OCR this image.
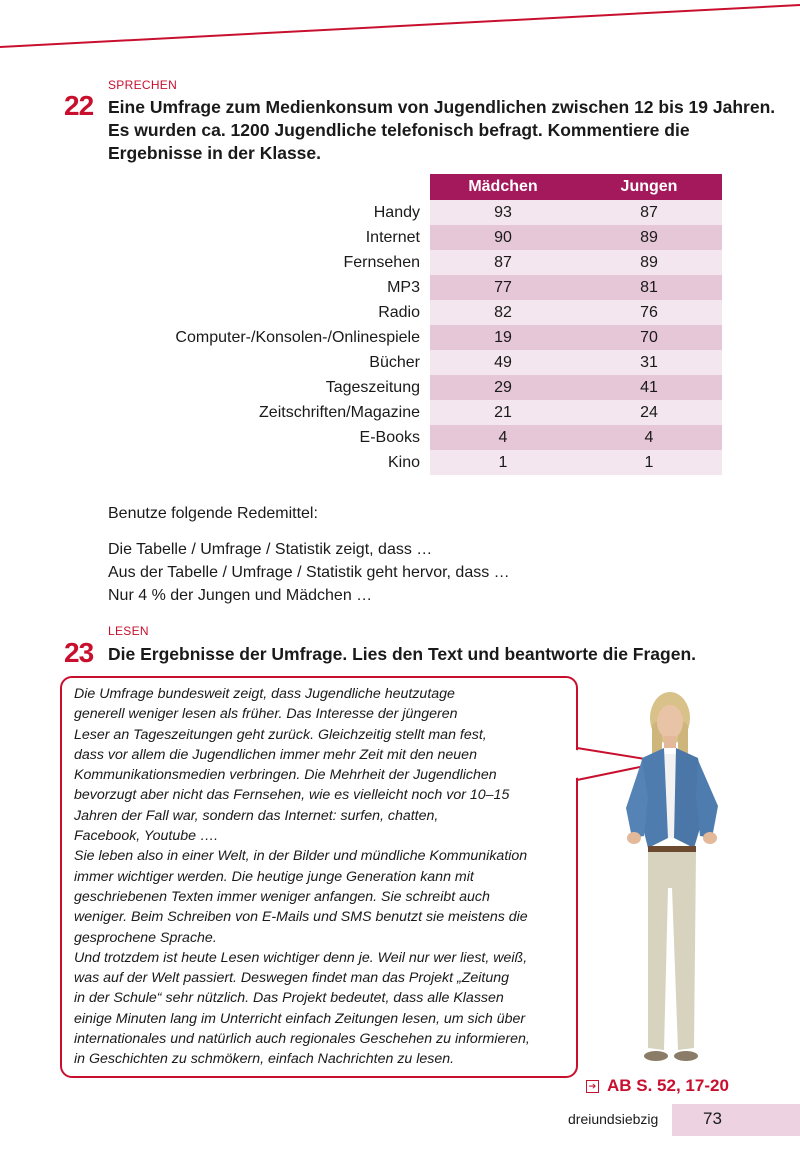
SPRECHEN
22 Eine Umfrage zum Medienkonsum von Jugendlichen zwischen 12 bis 19 Jahren.
Es wurden ca. 1200 Jugendliche telefonisch befragt. Kommentiere die
Ergebnisse in der Klasse.
Mädchen	Jungen
Handy	93	87
Internet	90	89
Fernsehen	87	89
MP3	77	81
Radio	82	76
Computer-/Konsolen-/Onlinespiele	19	70
Bücher	49	31
Tageszeitung	29	41
Zeitschriften/Magazine	21	24
E-Books	4	4
Kino	1	1
Benutze folgende Redemittel:
Die Tabelle / Umfrage / Statistik zeigt, dass …
Aus der Tabelle / Umfrage / Statistik geht hervor, dass …
Nur 4 % der Jungen und Mädchen …
LESEN
23 Die Ergebnisse der Umfrage. Lies den Text und beantworte die Fragen.
Die Umfrage bundesweit zeigt, dass Jugendliche heutzutage
generell weniger lesen als früher. Das Interesse der jüngeren
Leser an Tageszeitungen geht zurück. Gleichzeitig stellt man fest,
dass vor allem die Jugendlichen immer mehr Zeit mit den neuen
Kommunikationsmedien verbringen. Die Mehrheit der Jugendlichen
bevorzugt aber nicht das Fernsehen, wie es vielleicht noch vor 10–15
Jahren der Fall war, sondern das Internet: surfen, chatten,
Facebook, Youtube ….
Sie leben also in einer Welt, in der Bilder und mündliche Kommunikation
immer wichtiger werden. Die heutige junge Generation kann mit
geschriebenen Texten immer weniger anfangen. Sie schreibt auch
weniger. Beim Schreiben von E-Mails und SMS benutzt sie meistens die
gesprochene Sprache.
Und trotzdem ist heute Lesen wichtiger denn je. Weil nur wer liest, weiß,
was auf der Welt passiert. Deswegen findet man das Projekt „Zeitung
in der Schule“ sehr nützlich. Das Projekt bedeutet, dass alle Klassen
einige Minuten lang im Unterricht einfach Zeitungen lesen, um sich über
internationales und natürlich auch regionales Geschehen zu informieren,
in Geschichten zu schmökern, einfach Nachrichten zu lesen.
➔ AB S. 52, 17-20
dreiundsiebzig	73
